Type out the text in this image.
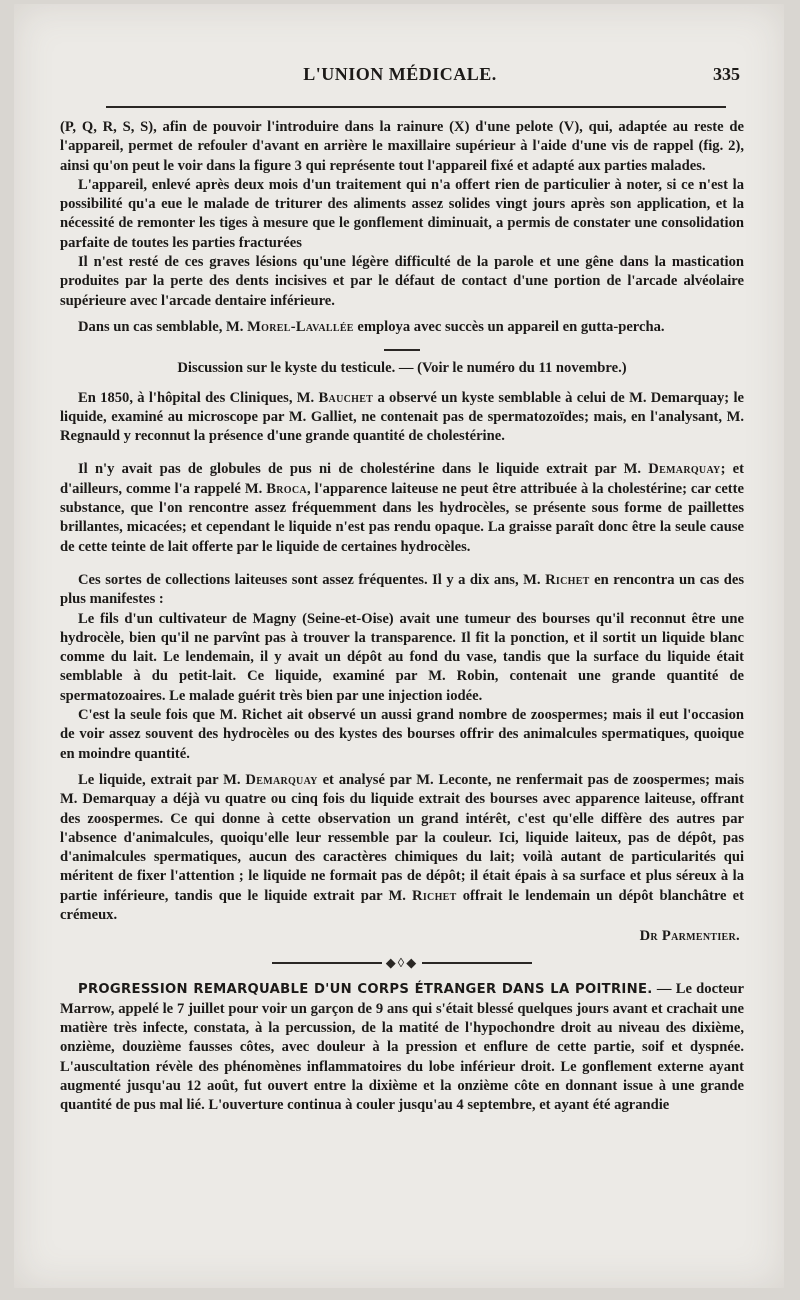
L'UNION MÉDICALE.	335

(P, Q, R, S, S), afin de pouvoir l'introduire dans la rainure (X) d'une pelote (V), qui, adaptée au reste de l'appareil, permet de refouler d'avant en arrière le maxillaire supérieur à l'aide d'une vis de rappel (fig. 2), ainsi qu'on peut le voir dans la figure 3 qui représente tout l'appareil fixé et adapté aux parties malades.

L'appareil, enlevé après deux mois d'un traitement qui n'a offert rien de particulier à noter, si ce n'est la possibilité qu'a eue le malade de triturer des aliments assez solides vingt jours après son application, et la nécessité de remonter les tiges à mesure que le gonflement diminuait, a permis de constater une consolidation parfaite de toutes les parties fracturées

Il n'est resté de ces graves lésions qu'une légère difficulté de la parole et une gêne dans la mastication produites par la perte des dents incisives et par le défaut de contact d'une portion de l'arcade alvéolaire supérieure avec l'arcade dentaire inférieure.

Dans un cas semblable, M. Morel-Lavallée employa avec succès un appareil en gutta-percha.

Discussion sur le kyste du testicule. — (Voir le numéro du 11 novembre.)

En 1850, à l'hôpital des Cliniques, M. Bauchet a observé un kyste semblable à celui de M. Demarquay; le liquide, examiné au microscope par M. Galliet, ne contenait pas de spermatozoïdes; mais, en l'analysant, M. Regnauld y reconnut la présence d'une grande quantité de cholestérine.

Il n'y avait pas de globules de pus ni de cholestérine dans le liquide extrait par M. Demarquay; et d'ailleurs, comme l'a rappelé M. Broca, l'apparence laiteuse ne peut être attribuée à la cholestérine; car cette substance, que l'on rencontre assez fréquemment dans les hydrocèles, se présente sous forme de paillettes brillantes, micacées; et cependant le liquide n'est pas rendu opaque. La graisse paraît donc être la seule cause de cette teinte de lait offerte par le liquide de certaines hydrocèles.

Ces sortes de collections laiteuses sont assez fréquentes. Il y a dix ans, M. Richet en rencontra un cas des plus manifestes :

Le fils d'un cultivateur de Magny (Seine-et-Oise) avait une tumeur des bourses qu'il reconnut être une hydrocèle, bien qu'il ne parvînt pas à trouver la transparence. Il fit la ponction, et il sortit un liquide blanc comme du lait. Le lendemain, il y avait un dépôt au fond du vase, tandis que la surface du liquide était semblable à du petit-lait. Ce liquide, examiné par M. Robin, contenait une grande quantité de spermatozoaires. Le malade guérit très bien par une injection iodée.

C'est la seule fois que M. Richet ait observé un aussi grand nombre de zoospermes; mais il eut l'occasion de voir assez souvent des hydrocèles ou des kystes des bourses offrir des animalcules spermatiques, quoique en moindre quantité.

Le liquide, extrait par M. Demarquay et analysé par M. Leconte, ne renfermait pas de zoospermes; mais M. Demarquay a déjà vu quatre ou cinq fois du liquide extrait des bourses avec apparence laiteuse, offrant des zoospermes. Ce qui donne à cette observation un grand intérêt, c'est qu'elle diffère des autres par l'absence d'animalcules, quoiqu'elle leur ressemble par la couleur. Ici, liquide laiteux, pas de dépôt, pas d'animalcules spermatiques, aucun des caractères chimiques du lait; voilà autant de particularités qui méritent de fixer l'attention ; le liquide ne formait pas de dépôt; il était épais à sa surface et plus séreux à la partie inférieure, tandis que le liquide extrait par M. Richet offrait le lendemain un dépôt blanchâtre et crémeux.

Dr Parmentier.

◆◊◆

PROGRESSION REMARQUABLE D'UN CORPS ÉTRANGER DANS LA POITRINE. — Le docteur Marrow, appelé le 7 juillet pour voir un garçon de 9 ans qui s'était blessé quelques jours avant et crachait une matière très infecte, constata, à la percussion, de la matité de l'hypochondre droit au niveau des dixième, onzième, douzième fausses côtes, avec douleur à la pression et enflure de cette partie, soif et dyspnée. L'auscultation révèle des phénomènes inflammatoires du lobe inférieur droit. Le gonflement externe ayant augmenté jusqu'au 12 août, fut ouvert entre la dixième et la onzième côte en donnant issue à une grande quantité de pus mal lié. L'ouverture continua à couler jusqu'au 4 septembre, et ayant été agrandie
